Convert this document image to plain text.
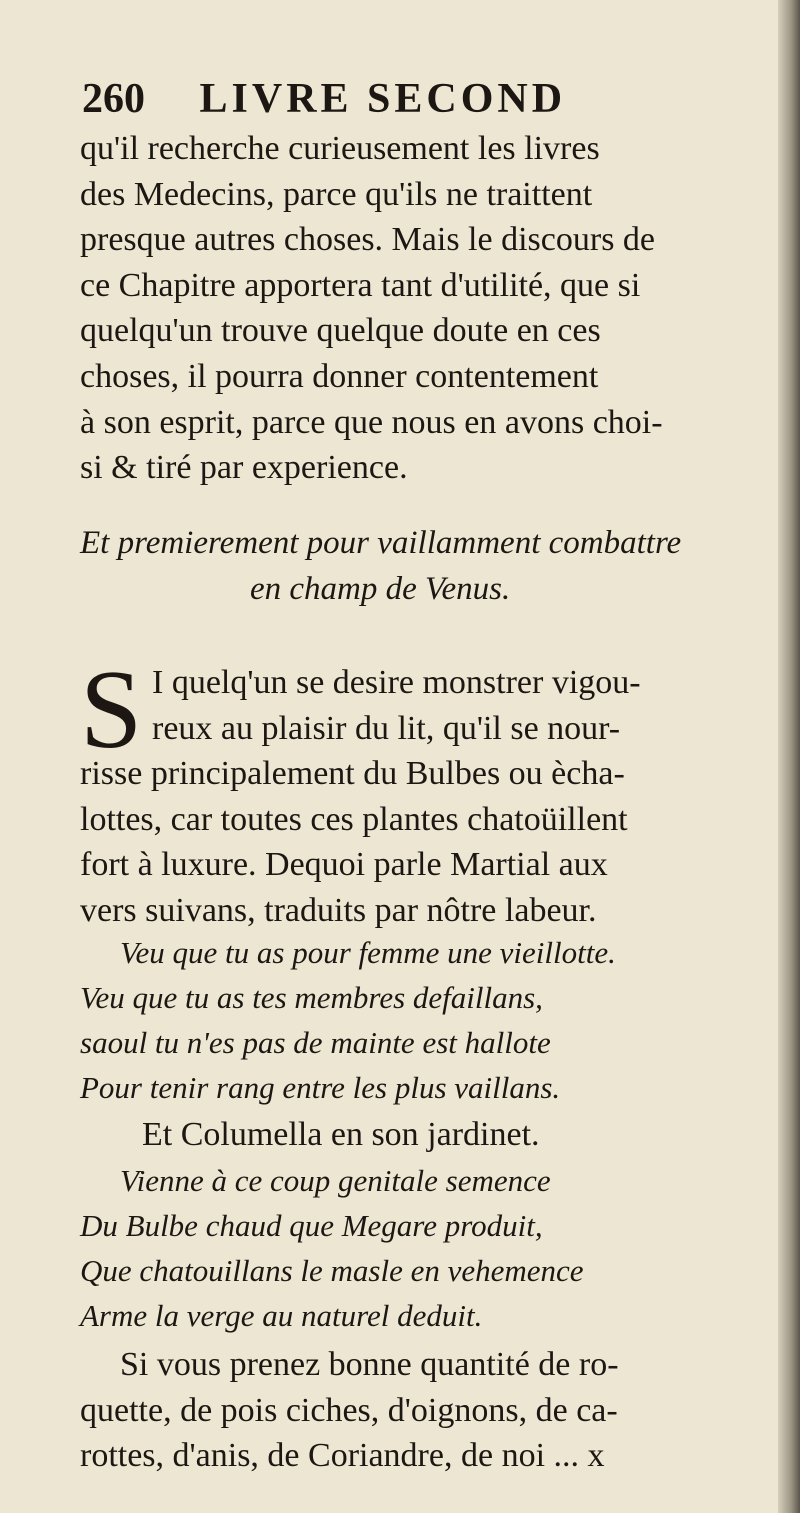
260 LIVRE SECOND
qu'il recherche curieusement les livres
des Medecins, parce qu'ils ne traittent
presque autres choses. Mais le discours de
ce Chapitre apportera tant d'utilité, que si
quelqu'un trouve quelque doute en ces
choses, il pourra donner contentement
à son esprit, parce que nous en avons choi-
si & tiré par experience.
Et premierement pour vaillamment combattre
en champ de Venus.
S I quelq'un se desire monstrer vigou-
reux au plaisir du lit, qu'il se nour-
risse principalement du Bulbes ou ècha-
lottes, car toutes ces plantes chatoüillent
fort à luxure. Dequoi parle Martial aux
vers suivans, traduits par nôtre labeur.
Veu que tu as pour femme une vieillotte.
Veu que tu as tes membres defaillans,
saoul tu n'es pas de mainte est hallote
Pour tenir rang entre les plus vaillans.
Et Columella en son jardinet.
Vienne à ce coup genitale semence
Du Bulbe chaud que Megare produit,
Que chatouillans le masle en vehemence
Arme la verge au naturel deduit.
Si vous prenez bonne quantité de ro-
quette, de pois ciches, d'oignons, de ca-
rottes, d'anis, de Coriandre, de noi ... x
